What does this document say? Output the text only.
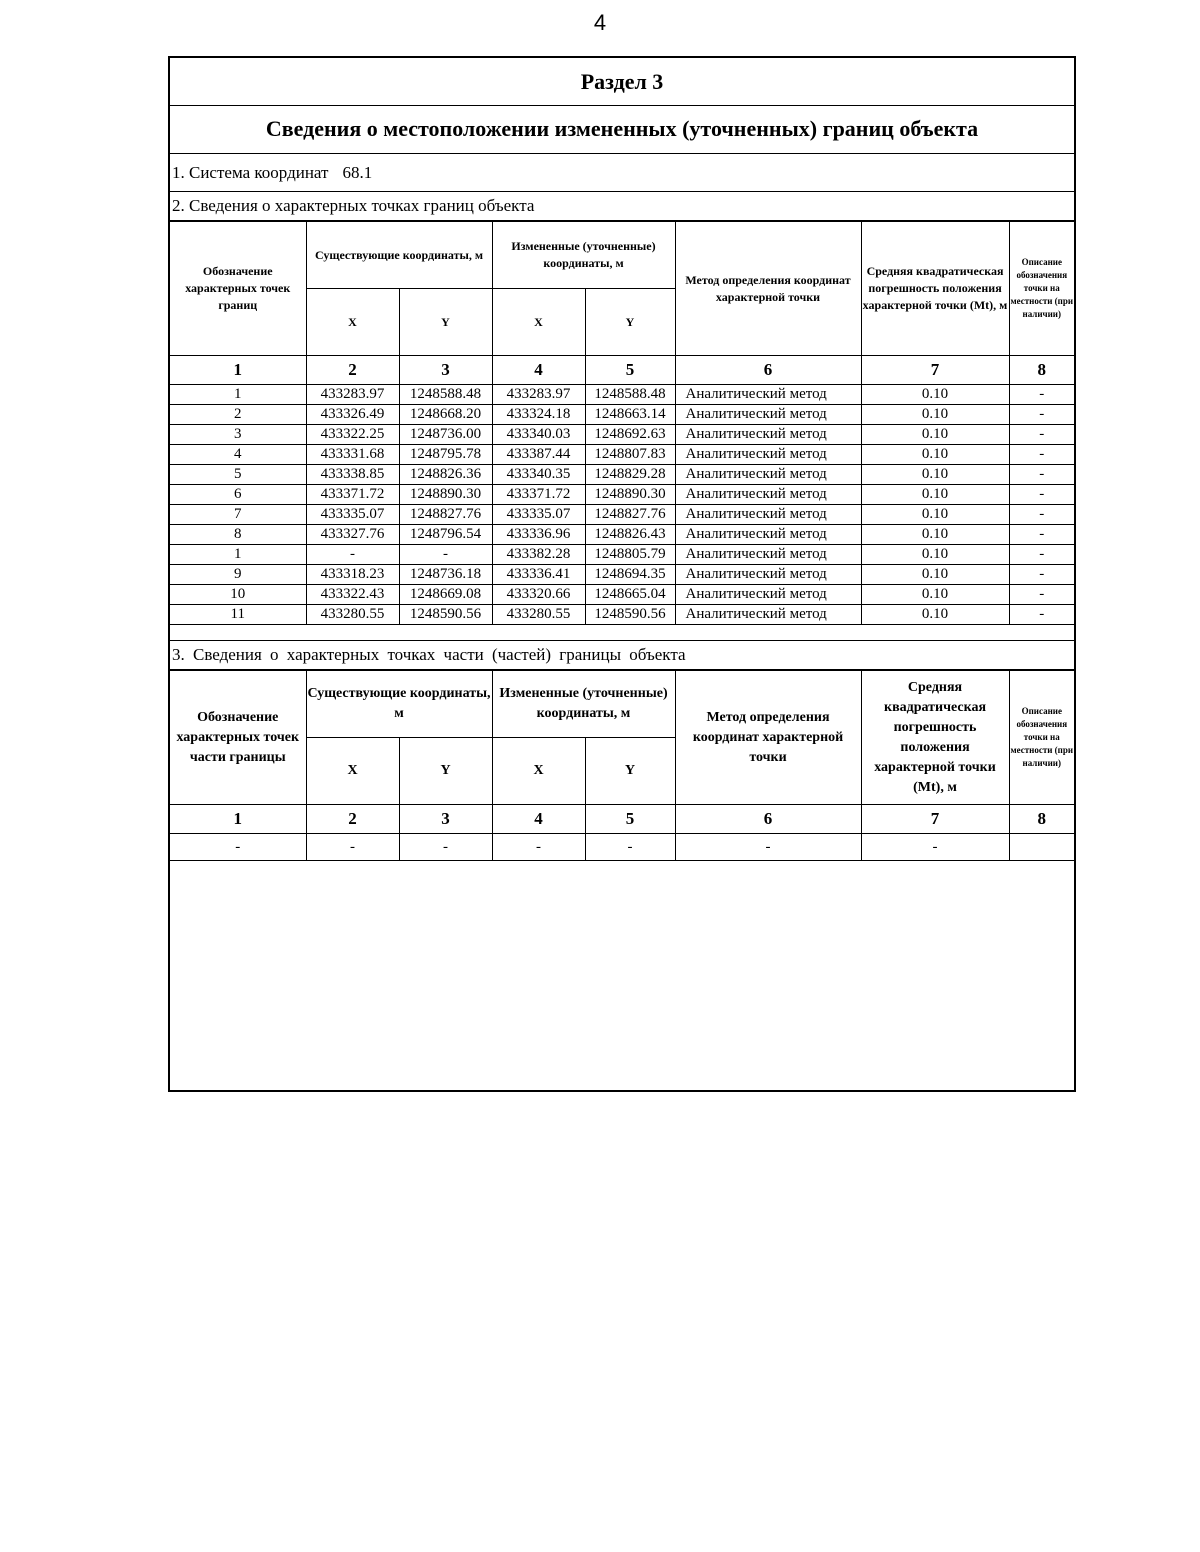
4
Раздел 3
Сведения о местоположении измененных (уточненных) границ объекта
1. Система координат 68.1
2. Сведения о характерных точках границ объекта
Обозначение характерных точек границ	Существующие координаты, м		Измененные (уточненные) координаты, м		Метод определения координат характерной точки	Средняя квадратическая погрешность положения характерной точки (Mt), м	Описание обозначения точки на местности (при наличии)
	X	Y	X	Y			
1	2	3	4	5	6	7	8
1	433283.97	1248588.48	433283.97	1248588.48	Аналитический метод	0.10	-
2	433326.49	1248668.20	433324.18	1248663.14	Аналитический метод	0.10	-
3	433322.25	1248736.00	433340.03	1248692.63	Аналитический метод	0.10	-
4	433331.68	1248795.78	433387.44	1248807.83	Аналитический метод	0.10	-
5	433338.85	1248826.36	433340.35	1248829.28	Аналитический метод	0.10	-
6	433371.72	1248890.30	433371.72	1248890.30	Аналитический метод	0.10	-
7	433335.07	1248827.76	433335.07	1248827.76	Аналитический метод	0.10	-
8	433327.76	1248796.54	433336.96	1248826.43	Аналитический метод	0.10	-
1	-	-	433382.28	1248805.79	Аналитический метод	0.10	-
9	433318.23	1248736.18	433336.41	1248694.35	Аналитический метод	0.10	-
10	433322.43	1248669.08	433320.66	1248665.04	Аналитический метод	0.10	-
11	433280.55	1248590.56	433280.55	1248590.56	Аналитический метод	0.10	-
3. Сведения о характерных точках части (частей) границы объекта
Обозначение характерных точек части границы	Существующие координаты, м		Измененные (уточненные) координаты, м		Метод определения координат характерной точки	Средняя квадратическая погрешность положения характерной точки (Mt), м	Описание обозначения точки на местности (при наличии)
	X	Y	X	Y			
1	2	3	4	5	6	7	8
-	-	-	-	-	-	-	
